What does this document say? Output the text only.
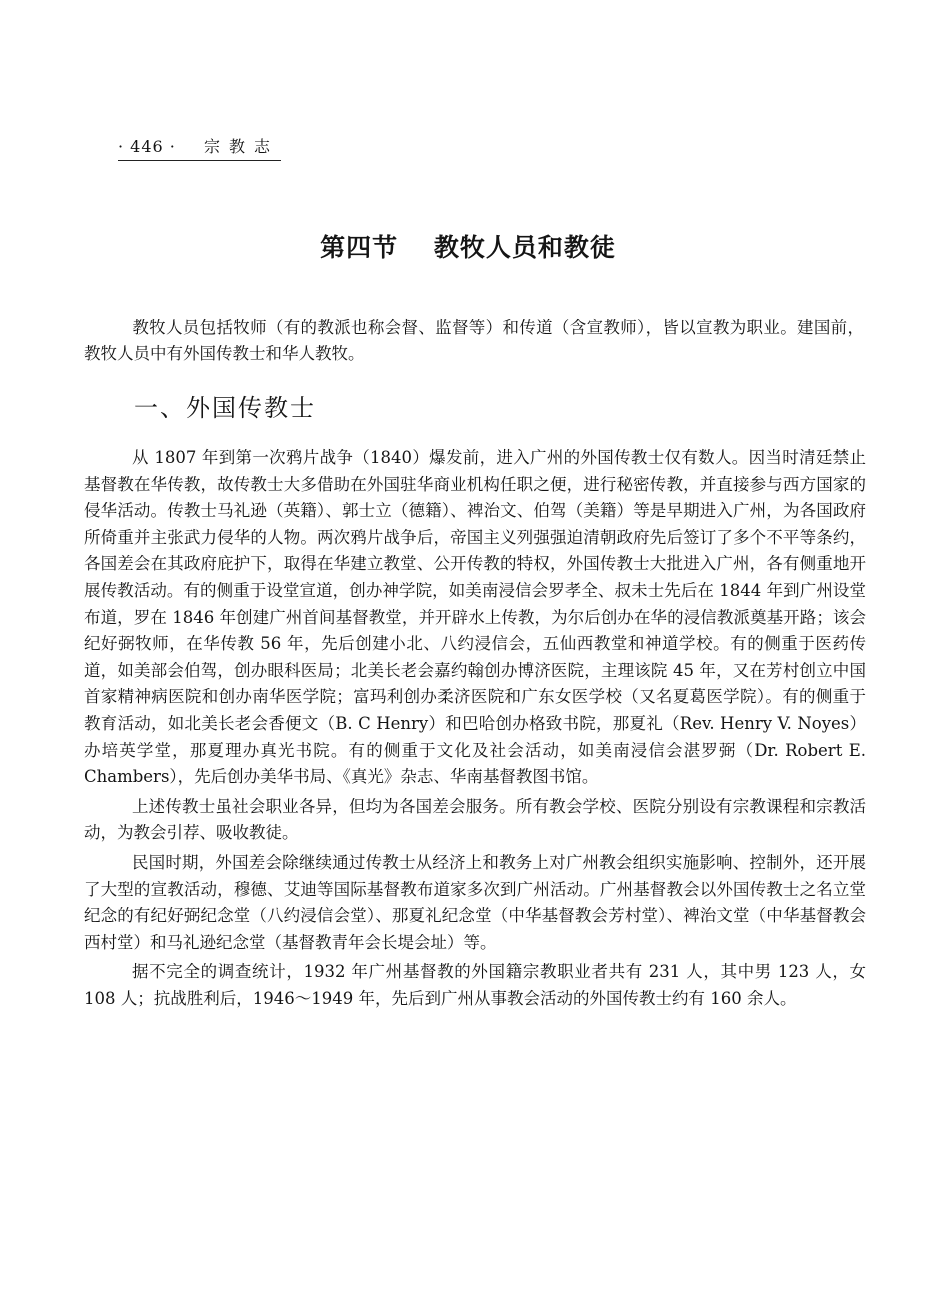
· 446 · 宗教志
第四节 教牧人员和教徒
教牧人员包括牧师（有的教派也称会督、监督等）和传道（含宣教师），皆以宣教为职业。建国前，教牧人员中有外国传教士和华人教牧。
一、外国传教士

从 1807 年到第一次鸦片战争（1840）爆发前，进入广州的外国传教士仅有数人。因当时清廷禁止基督教在华传教，故传教士大多借助在外国驻华商业机构任职之便，进行秘密传教，并直接参与西方国家的侵华活动。传教士马礼逊（英籍）、郭士立（德籍）、裨治文、伯驾（美籍）等是早期进入广州，为各国政府所倚重并主张武力侵华的人物。两次鸦片战争后，帝国主义列强强迫清朝政府先后签订了多个不平等条约，各国差会在其政府庇护下，取得在华建立教堂、公开传教的特权，外国传教士大批进入广州，各有侧重地开展传教活动。有的侧重于设堂宣道，创办神学院，如美南浸信会罗孝全、叔未士先后在 1844 年到广州设堂布道，罗在 1846 年创建广州首间基督教堂，并开辟水上传教，为尔后创办在华的浸信教派奠基开路；该会纪好弼牧师，在华传教 56 年，先后创建小北、八约浸信会，五仙西教堂和神道学校。有的侧重于医药传道，如美部会伯驾，创办眼科医局；北美长老会嘉约翰创办博济医院，主理该院 45 年，又在芳村创立中国首家精神病医院和创办南华医学院；富玛利创办柔济医院和广东女医学校（又名夏葛医学院）。有的侧重于教育活动，如北美长老会香便文（B. C Henry）和巴哈创办格致书院，那夏礼（Rev. Henry V. Noyes）办培英学堂，那夏理办真光书院。有的侧重于文化及社会活动，如美南浸信会湛罗弼（Dr. Robert E. Chambers），先后创办美华书局、《真光》杂志、华南基督教图书馆。

上述传教士虽社会职业各异，但均为各国差会服务。所有教会学校、医院分别设有宗教课程和宗教活动，为教会引荐、吸收教徒。

民国时期，外国差会除继续通过传教士从经济上和教务上对广州教会组织实施影响、控制外，还开展了大型的宣教活动，穆德、艾迪等国际基督教布道家多次到广州活动。广州基督教会以外国传教士之名立堂纪念的有纪好弼纪念堂（八约浸信会堂）、那夏礼纪念堂（中华基督教会芳村堂）、裨治文堂（中华基督教会西村堂）和马礼逊纪念堂（基督教青年会长堤会址）等。

据不完全的调查统计，1932 年广州基督教的外国籍宗教职业者共有 231 人，其中男 123 人，女 108 人；抗战胜利后，1946～1949 年，先后到广州从事教会活动的外国传教士约有 160 余人。
